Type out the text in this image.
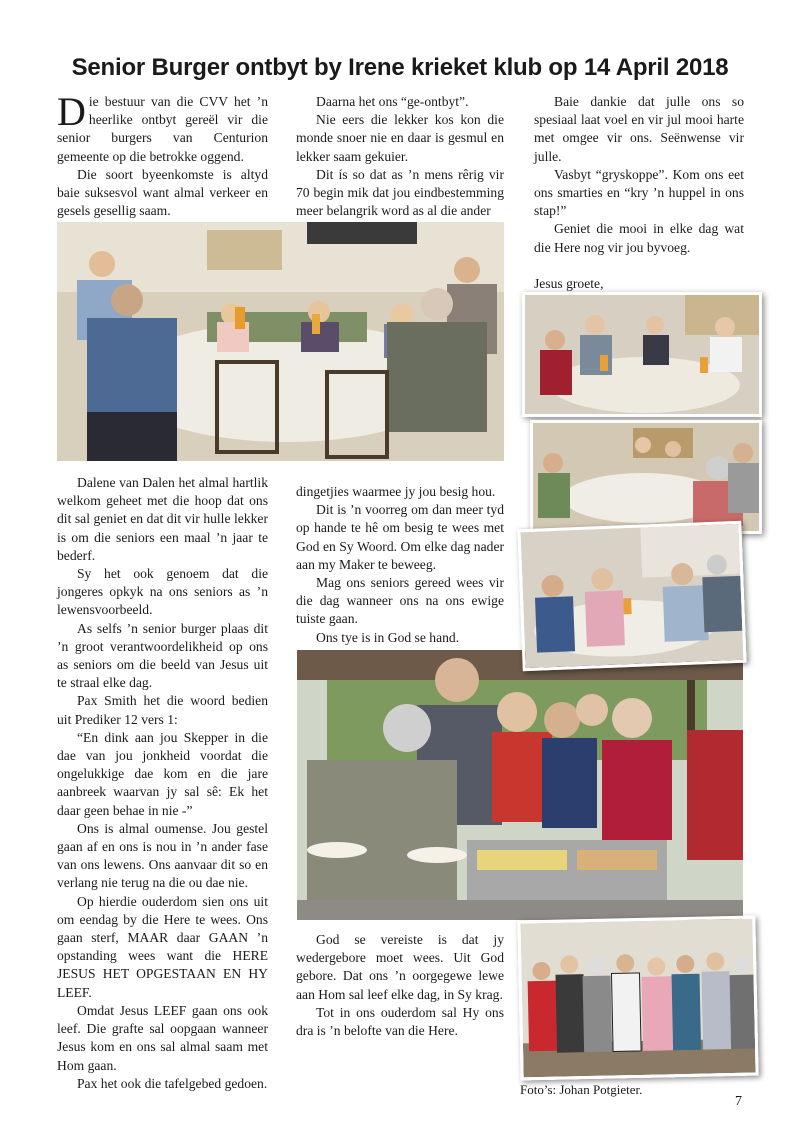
Senior Burger ontbyt by Irene krieket klub op 14 April 2018

Die bestuur van die CVV het ’n heerlike ontbyt gereël vir die senior burgers van Centurion gemeente op die betrokke oggend.

Die soort byeenkomste is altyd baie suksesvol want almal verkeer en gesels gesellig saam.

Daarna het ons “ge-ontbyt”.

Nie eers die lekker kos kon die monde snoer nie en daar is gesmul en lekker saam gekuier.

Dit ís so dat as ’n mens rêrig vir 70 begin mik dat jou eindbestemming meer belangrik word as al die ander

Baie dankie dat julle ons so spesiaal laat voel en vir jul mooi harte met omgee vir ons. Seënwense vir julle.

Vasbyt “gryskoppe”. Kom ons eet ons smarties en “kry ’n huppel in ons stap!”

Geniet die mooi in elke dag wat die Here nog vir jou byvoeg.

Jesus groete,

Dalene van Dalen het almal hartlik welkom geheet met die hoop dat ons dit sal geniet en dat dit vir hulle lekker is om die seniors een maal ’n jaar te bederf.

Sy het ook genoem dat die jongeres opkyk na ons seniors as ’n lewensvoorbeeld.

As selfs ’n senior burger plaas dit ’n groot verantwoordelikheid op ons as seniors om die beeld van Jesus uit te straal elke dag.

Pax Smith het die woord bedien uit Prediker 12 vers 1:

“En dink aan jou Skepper in die dae van jou jonkheid voordat die ongelukkige dae kom en die jare aanbreek waarvan jy sal sê: Ek het daar geen behae in nie -”

Ons is almal oumense. Jou gestel gaan af en ons is nou in ’n ander fase van ons lewens. Ons aanvaar dit so en verlang nie terug na die ou dae nie.

Op hierdie ouderdom sien ons uit om eendag by die Here te wees. Ons gaan sterf, MAAR daar GAAN ’n opstanding wees want die HERE JESUS HET OPGESTAAN EN HY LEEF.

Omdat Jesus LEEF gaan ons ook leef. Die grafte sal oopgaan wanneer Jesus kom en ons sal almal saam met Hom gaan.

Pax het ook die tafelgebed gedoen.

dingetjies waarmee jy jou besig hou.

Dit is ’n voorreg om dan meer tyd op hande te hê om besig te wees met God en Sy Woord. Om elke dag nader aan my Maker te beweeg.

Mag ons seniors gereed wees vir die dag wanneer ons na ons ewige tuiste gaan.

Ons tye is in God se hand.

God se vereiste is dat jy wedergebore moet wees. Uit God gebore. Dat ons ’n oorgegewe lewe aan Hom sal leef elke dag, in Sy krag.

Tot in ons ouderdom sal Hy ons dra is ’n belofte van die Here.

Foto’s: Johan Potgieter.
7
